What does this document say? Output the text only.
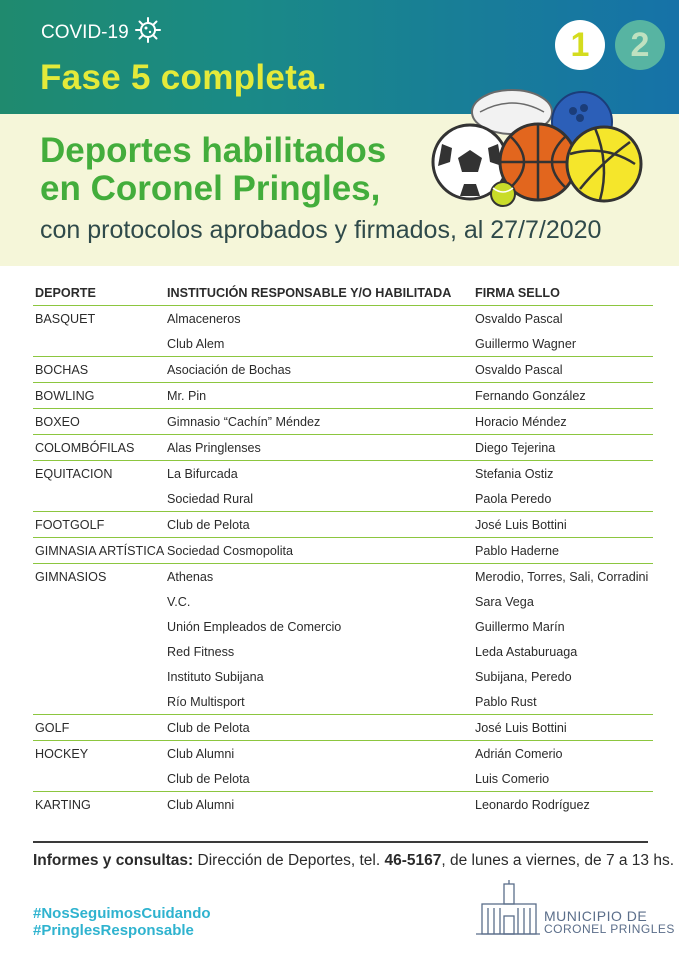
COVID-19
Fase 5 completa.
1	2
Deportes habilitados
en Coronel Pringles,
con protocolos aprobados y firmados, al 27/7/2020
DEPORTE	INSTITUCIÓN RESPONSABLE Y/O HABILITADA	FIRMA SELLO
BASQUET	Almaceneros	Osvaldo Pascal
	Club Alem	Guillermo Wagner
BOCHAS	Asociación de Bochas	Osvaldo Pascal
BOWLING	Mr. Pin	Fernando González
BOXEO	Gimnasio “Cachín” Méndez	Horacio Méndez
COLOMBÓFILAS	Alas Pringlenses	Diego Tejerina
EQUITACION	La Bifurcada	Stefania Ostiz
	Sociedad Rural	Paola Peredo
FOOTGOLF	Club de Pelota	José Luis Bottini
GIMNASIA ARTÍSTICA	Sociedad Cosmopolita	Pablo Haderne
GIMNASIOS	Athenas	Merodio, Torres, Sali, Corradini
	V.C.	Sara Vega
	Unión Empleados de Comercio	Guillermo Marín
	Red Fitness	Leda Astaburuaga
	Instituto Subijana	Subijana, Peredo
	Río Multisport	Pablo Rust
GOLF	Club de Pelota	José Luis Bottini
HOCKEY	Club Alumni	Adrián Comerio
	Club de Pelota	Luis Comerio
KARTING	Club Alumni	Leonardo Rodríguez
Informes y consultas: Dirección de Deportes, tel. 46-5167, de lunes a viernes, de 7 a 13 hs.
#NosSeguimosCuidando
#PringlesResponsable
MUNICIPIO DE
CORONEL PRINGLES
